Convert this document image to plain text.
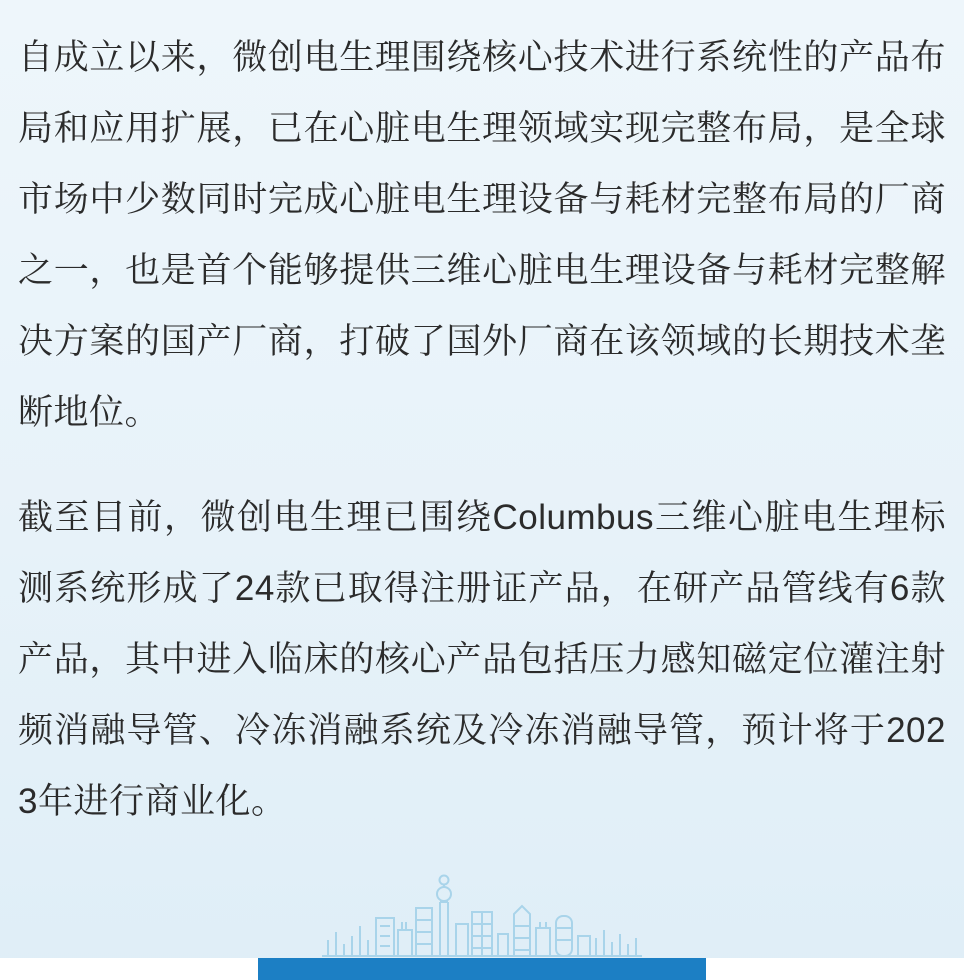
自成立以来，微创电生理围绕核心技术进行系统性的产品布局和应用扩展，已在心脏电生理领域实现完整布局，是全球市场中少数同时完成心脏电生理设备与耗材完整布局的厂商之一，也是首个能够提供三维心脏电生理设备与耗材完整解决方案的国产厂商，打破了国外厂商在该领域的长期技术垄断地位。

截至目前，微创电生理已围绕Columbus三维心脏电生理标测系统形成了24款已取得注册证产品，在研产品管线有6款产品，其中进入临床的核心产品包括压力感知磁定位灌注射频消融导管、冷冻消融系统及冷冻消融导管，预计将于2023年进行商业化。
